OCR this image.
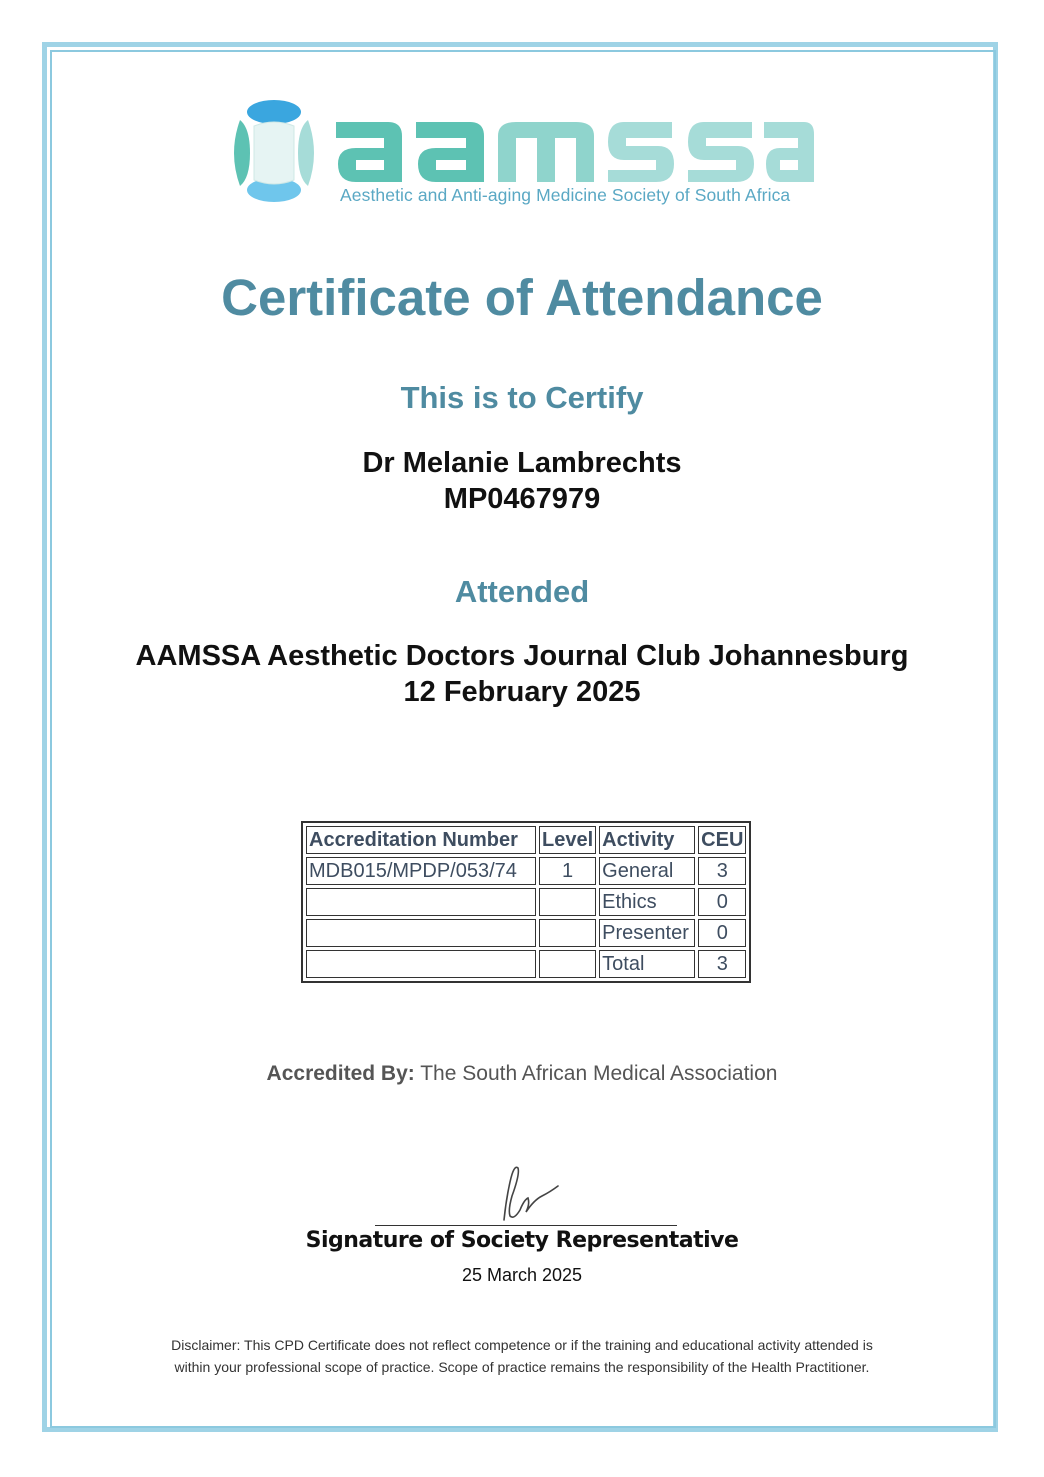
Aesthetic and Anti-aging Medicine Society of South Africa
Certificate of Attendance
This is to Certify
Dr Melanie Lambrechts
MP0467979
Attended
AAMSSA Aesthetic Doctors Journal Club Johannesburg
12 February 2025
Accreditation Number	Level	Activity	CEU
MDB015/MPDP/053/74	1	General	3
		Ethics	0
		Presenter	0
		Total	3
Accredited By: The South African Medical Association
Signature of Society Representative
25 March 2025
Disclaimer: This CPD Certificate does not reflect competence or if the training and educational activity attended is
within your professional scope of practice. Scope of practice remains the responsibility of the Health Practitioner.
